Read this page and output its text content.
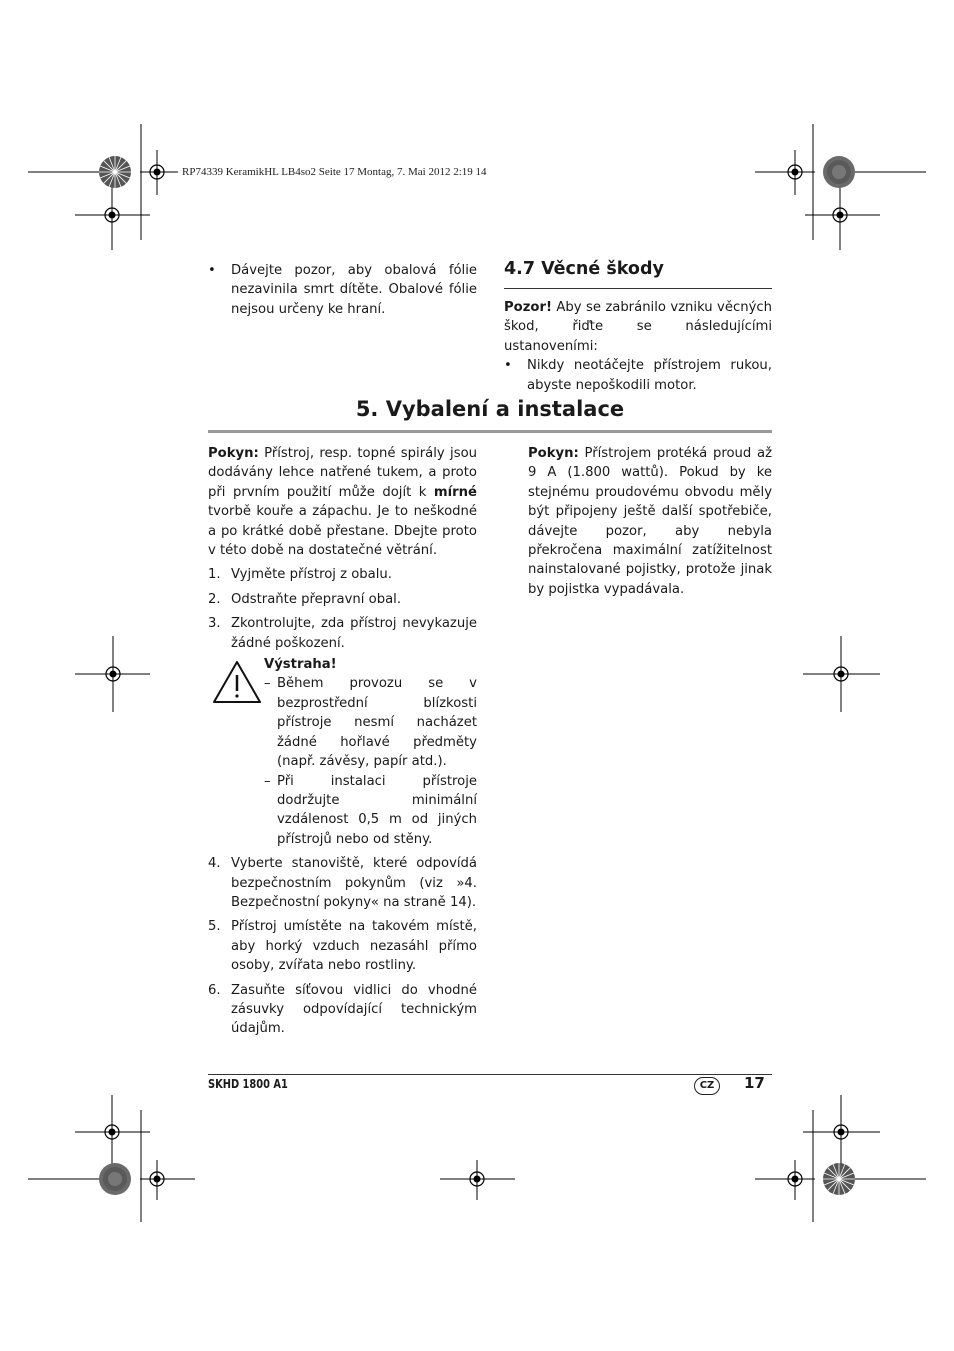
RP74339 KeramikHL LB4so2 Seite 17 Montag, 7. Mai 2012 2:19 14
• Dávejte pozor, aby obalová fólie nezavinila smrt dítěte. Obalové fólie nejsou určeny ke hraní.
4.7 Věcné škody
Pozor! Aby se zabránilo vzniku věcných škod, řiďte se následujícími ustanoveními:
• Nikdy neotáčejte přístrojem rukou, abyste nepoškodili motor.
5. Vybalení a instalace
Pokyn: Přístroj, resp. topné spirály jsou dodávány lehce natřené tukem, a proto při prvním použití může dojít k mírné tvorbě kouře a zápachu. Je to neškodné a po krátké době přestane. Dbejte proto v této době na dostatečné větrání.
1. Vyjměte přístroj z obalu.
2. Odstraňte přepravní obal.
3. Zkontrolujte, zda přístroj nevykazuje žádné poškození.
Výstraha!
– Během provozu se v bezprostřední blízkosti přístroje nesmí nacházet žádné hořlavé předměty (např. závěsy, papír atd.).
– Při instalaci přístroje dodržujte minimální vzdálenost 0,5 m od jiných přístrojů nebo od stěny.
4. Vyberte stanoviště, které odpovídá bezpečnostním pokynům (viz »4. Bezpečnostní pokyny« na straně 14).
5. Přístroj umístěte na takovém místě, aby horký vzduch nezasáhl přímo osoby, zvířata nebo rostliny.
6. Zasuňte síťovou vidlici do vhodné zásuvky odpovídající technickým údajům.
Pokyn: Přístrojem protéká proud až 9 A (1.800 wattů). Pokud by ke stejnému proudovému obvodu měly být připojeny ještě další spotřebiče, dávejte pozor, aby nebyla překročena maximální zatížitelnost nainstalované pojistky, protože jinak by pojistka vypadávala.
SKHD 1800 A1	CZ	17
